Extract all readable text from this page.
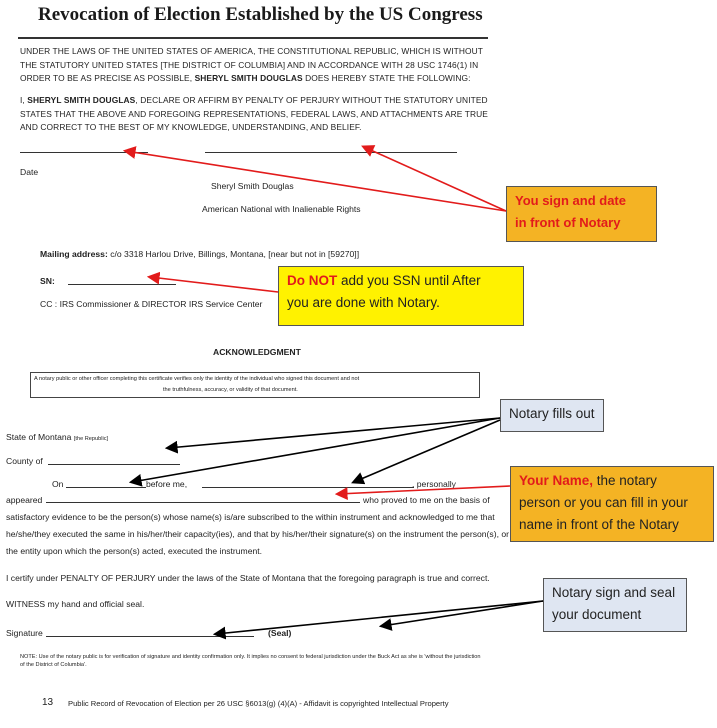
Revocation of Election Established by the US Congress
UNDER THE LAWS OF THE UNITED STATES OF AMERICA, THE CONSTITUTIONAL REPUBLIC, WHICH IS WITHOUT
THE STATUTORY UNITED STATES [THE DISTRICT OF COLUMBIA] AND IN ACCORDANCE WITH 28 USC 1746(1) IN
ORDER TO BE AS PRECISE AS POSSIBLE, SHERYL SMITH DOUGLAS DOES HEREBY STATE THE FOLLOWING:
I, SHERYL SMITH DOUGLAS, DECLARE OR AFFIRM BY PENALTY OF PERJURY WITHOUT THE STATUTORY UNITED
STATES THAT THE ABOVE AND FOREGOING REPRESENTATIONS, FEDERAL LAWS, AND ATTACHMENTS ARE TRUE
AND CORRECT TO THE BEST OF MY KNOWLEDGE, UNDERSTANDING, AND BELIEF.
Date
Sheryl Smith Douglas
American National with Inalienable Rights
Mailing address: c/o 3318 Harlou Drive, Billings, Montana, [near but not in [59270]]
SN:
CC : IRS Commissioner & DIRECTOR IRS Service Center
ACKNOWLEDGMENT
A notary public or other officer completing this certificate verifies only the identity of the individual who signed this document and not
the truthfulness, accuracy, or validity of that document.
State of Montana [the Republic]
County of
On	before me,	, personally
appeared	who proved to me on the basis of
satisfactory evidence to be the person(s) whose name(s) is/are subscribed to the within instrument and acknowledged to me that
he/she/they executed the same in his/her/their capacity(ies), and that by his/her/their signature(s) on the instrument the person(s), or
the entity upon which the person(s) acted, executed the instrument.
I certify under PENALTY OF PERJURY under the laws of the State of Montana that the foregoing paragraph is true and correct.
WITNESS my hand and official seal.
Signature	(Seal)
NOTE: Use of the notary public is for verification of signature and identity confirmation only. It implies no consent to federal jurisdiction under the Buck Act as she is 'without the jurisdiction
of the District of Columbia'.
13 Public Record of Revocation of Election per 26 USC §6013(g) (4)(A) - Affidavit is copyrighted Intellectual Property
You sign and date
in front of Notary
Do NOT add you SSN until After
you are done with Notary.
Notary fills out
Your Name, the notary
person or you can fill in your
name in front of the Notary
Notary sign and seal
your document
